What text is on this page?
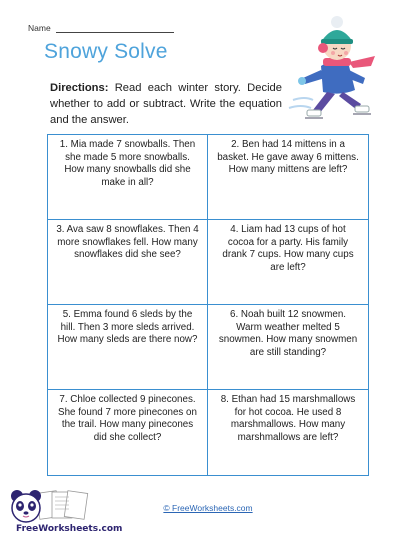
Name
Snowy Solve
Directions: Read each winter story. Decide whether to add or subtract. Write the equation and the answer.
1. Mia made 7 snowballs. Then she made 5 more snowballs. How many snowballs did she make in all?
2. Ben had 14 mittens in a basket. He gave away 6 mittens. How many mittens are left?
3. Ava saw 8 snowflakes. Then 4 more snowflakes fell. How many snowflakes did she see?
4. Liam had 13 cups of hot cocoa for a party. His family drank 7 cups. How many cups are left?
5. Emma found 6 sleds by the hill. Then 3 more sleds arrived. How many sleds are there now?
6. Noah built 12 snowmen. Warm weather melted 5 snowmen. How many snowmen are still standing?
7. Chloe collected 9 pinecones. She found 7 more pinecones on the trail. How many pinecones did she collect?
8. Ethan had 15 marshmallows for hot cocoa. He used 8 marshmallows. How many marshmallows are left?
FreeWorksheets.com
© FreeWorksheets.com
